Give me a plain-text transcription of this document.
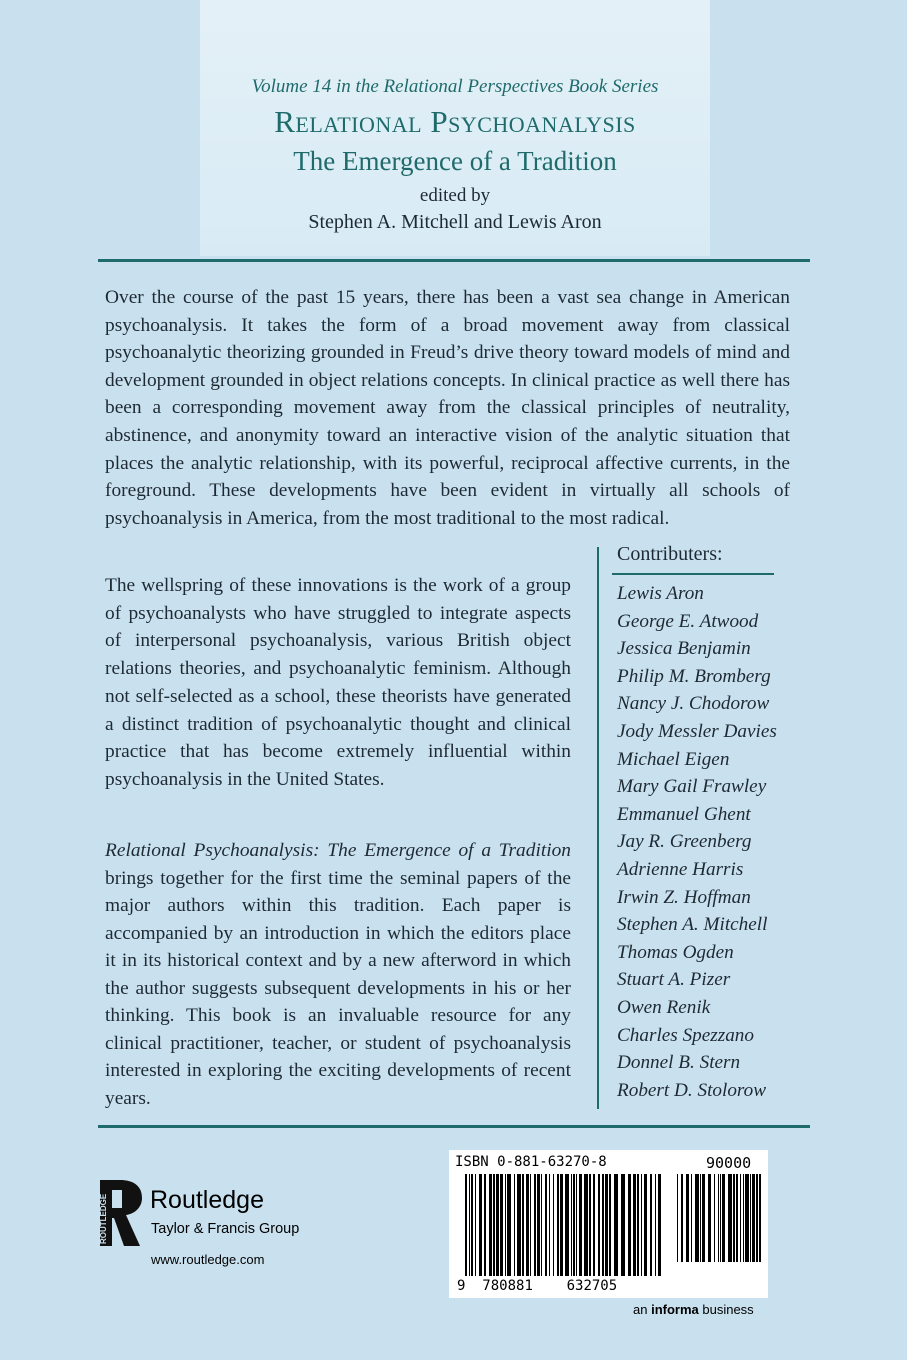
Volume 14 in the Relational Perspectives Book Series
Relational Psychoanalysis
The Emergence of a Tradition
edited by
Stephen A. Mitchell and Lewis Aron

Over the course of the past 15 years, there has been a vast sea change in American psychoanalysis. It takes the form of a broad movement away from classical psychoanalytic theorizing grounded in Freud’s drive theory toward models of mind and development grounded in object relations concepts. In clinical practice as well there has been a corresponding movement away from the classical principles of neutrality, abstinence, and anonymity toward an interactive vision of the analytic situation that places the analytic relationship, with its powerful, reciprocal affective currents, in the foreground. These developments have been evident in virtually all schools of psychoanalysis in America, from the most traditional to the most radical.

The wellspring of these innovations is the work of a group of psychoanalysts who have struggled to integrate aspects of interpersonal psychoanalysis, various British object relations theories, and psychoanalytic feminism. Although not self-selected as a school, these theorists have generated a distinct tradition of psychoanalytic thought and clinical practice that has become extremely influential within psychoanalysis in the United States.

Relational Psychoanalysis: The Emergence of a Tradition brings together for the first time the seminal papers of the major authors within this tradition. Each paper is accompanied by an introduction in which the editors place it in its historical context and by a new afterword in which the author suggests subsequent developments in his or her thinking. This book is an invaluable resource for any clinical practitioner, teacher, or student of psychoanalysis interested in exploring the exciting developments of recent years.

Contributers:
Lewis Aron
George E. Atwood
Jessica Benjamin
Philip M. Bromberg
Nancy J. Chodorow
Jody Messler Davies
Michael Eigen
Mary Gail Frawley
Emmanuel Ghent
Jay R. Greenberg
Adrienne Harris
Irwin Z. Hoffman
Stephen A. Mitchell
Thomas Ogden
Stuart A. Pizer
Owen Renik
Charles Spezzano
Donnel B. Stern
Robert D. Stolorow
ROUTLEDGE Routledge
Taylor & Francis Group
www.routledge.com
ISBN 0-881-63270-8	90000
9 780881 632705
an informa business
